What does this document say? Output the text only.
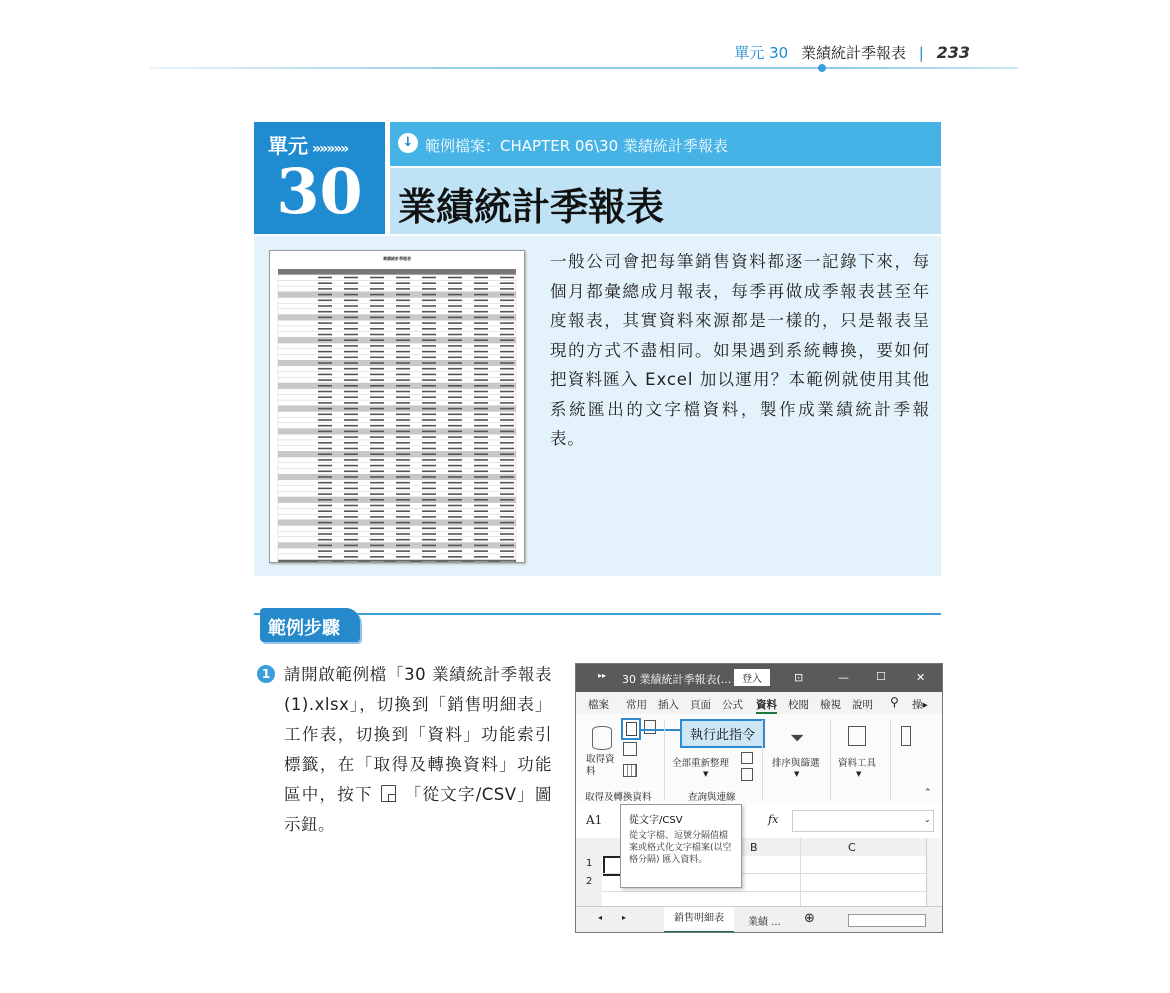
單元 30 業績統計季報表 | 233
單元 »»»»»
30
↓ 範例檔案：CHAPTER 06\30 業績統計季報表
業績統計季報表
業績統計季報表	一般公司會把每筆銷售資料都逐一記錄下來，每個月都彙總成月報表，每季再做成季報表甚至年度報表，其實資料來源都是一樣的，只是報表呈現的方式不盡相同。如果遇到系統轉換，要如何把資料匯入 Excel 加以運用？本範例就使用其他系統匯出的文字檔資料，製作成業績統計季報表。
範例步驟
1 請開啟範例檔「30 業績統計季報表 (1).xlsx」，切換到「銷售明細表」工作表，切換到「資料」功能索引標籤，在「取得及轉換資料」功能區中，按下 「從文字/CSV」圖示鈕。
▸▸ 30 業績統計季報表(...	登入	⊡	— ☐	✕
檔案 常用 插入 頁面 公式 資料 校閱 檢視 說明 ⚲ 操▸
取得資
料
執行此指令
全部重新整理
▼
⏷
排序與篩選
▼
資料工具
▼
取得及轉換資料	查詢與連線	⌃
A1	fx	⌄
B	C
1
2
從文字/CSV
從文字檔、逗號分隔值檔案或格式化文字檔案(以空格分隔) 匯入資料。
◂ ▸	銷售明細表	業績 ... ⊕
